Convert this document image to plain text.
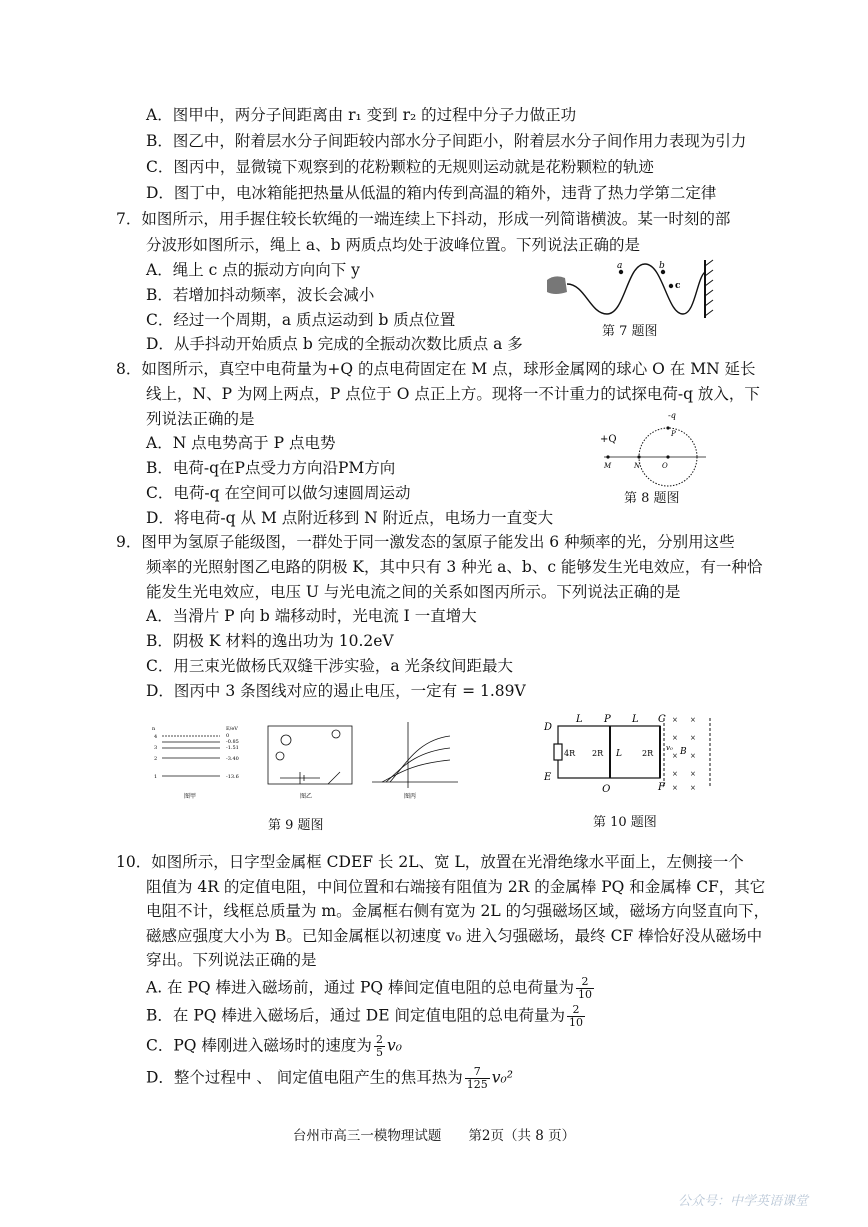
A．图甲中，两分子间距离由 r₁ 变到 r₂ 的过程中分子力做正功
B．图乙中，附着层水分子间距较内部水分子间距小，附着层水分子间作用力表现为引力
C．图丙中，显微镜下观察到的花粉颗粒的无规则运动就是花粉颗粒的轨迹
D．图丁中，电冰箱能把热量从低温的箱内传到高温的箱外，违背了热力学第二定律
7．如图所示，用手握住较长软绳的一端连续上下抖动，形成一列简谐横波。某一时刻的部
分波形如图所示，绳上 a、b 两质点均处于波峰位置。下列说法正确的是
A．绳上 c 点的振动方向向下 y
B．若增加抖动频率，波长会减小
C．经过一个周期，a 质点运动到 b 质点位置
D．从手抖动开始质点 b 完成的全振动次数比质点 a 多
8．如图所示，真空中电荷量为+Q 的点电荷固定在 M 点，球形金属网的球心 O 在 MN 延长
线上，N、P 为网上两点，P 点位于 O 点正上方。现将一不计重力的试探电荷-q 放入，下
列说法正确的是
A．N 点电势高于 P 点电势
B．电荷-q在P点受力方向沿PM方向
C．电荷-q 在空间可以做匀速圆周运动
D．将电荷-q 从 M 点附近移到 N 附近点，电场力一直变大
9．图甲为氢原子能级图，一群处于同一激发态的氢原子能发出 6 种频率的光，分别用这些
频率的光照射图乙电路的阴极 K，其中只有 3 种光 a、b、c 能够发生光电效应，有一种恰
能发生光电效应，电压 U 与光电流之间的关系如图丙所示。下列说法正确的是
A．当滑片 P 向 b 端移动时，光电流 I 一直增大
B．阴极 K 材料的逸出功为 10.2eV
C．用三束光做杨氏双缝干涉实验，a 光条纹间距最大
D．图丙中 3 条图线对应的遏止电压，一定有 = 1.89V
10．如图所示，日字型金属框 CDEF 长 2L、宽 L，放置在光滑绝缘水平面上，左侧接一个
阻值为 4R 的定值电阻，中间位置和右端接有阻值为 2R 的金属棒 PQ 和金属棒 CF，其它
电阻不计，线框总质量为 m。金属框右侧有宽为 2L 的匀强磁场区域，磁场方向竖直向下，
磁感应强度大小为 B。已知金属框以初速度 v₀ 进入匀强磁场，最终 CF 棒恰好没从磁场中
穿出。下列说法正确的是
A. 在 PQ 棒进入磁场前，通过 PQ 棒间定值电阻的总电荷量为 $\frac{2}{10}$
B．在 PQ 棒进入磁场后，通过 DE 间定值电阻的总电荷量为 $\frac{2}{10}$
C．PQ 棒刚进入磁场时的速度为 $\frac{2}{5} v_0$
D．整个过程中 、 间定值电阻产生的焦耳热为 $\frac{7}{125} v_0^2$
a	b
c
第 7 题图
-q
P
+Q
M	N	O
第 8 题图
n
4
3
2
1
E/eV
0
-0.85
-1.51
-3.40
-13.6
图甲	图乙	图丙
第 9 题图
× ×
× ×
× ×
× ×
× ×
L P L C
D
E
F
Q
4R 2R L	2R
v₀ B
第 10 题图
台州市高三一模物理试题　　第2页（共 8 页）
公众号：中学英语课堂
